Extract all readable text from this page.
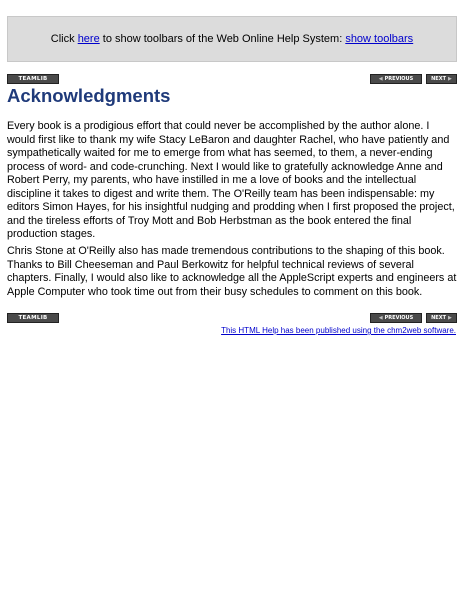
Click here to show toolbars of the Web Online Help System: show toolbars
TEAMLIB	◀ PREVIOUS	NEXT ▶
Acknowledgments

Every book is a prodigious effort that could never be accomplished by the author alone. I would first like to thank my wife Stacy LeBaron and daughter Rachel, who have patiently and sympathetically waited for me to emerge from what has seemed, to them, a never-ending process of word- and code-crunching. Next I would like to gratefully acknowledge Anne and Robert Perry, my parents, who have instilled in me a love of books and the intellectual discipline it takes to digest and write them. The O'Reilly team has been indispensable: my editors Simon Hayes, for his insightful nudging and prodding when I first proposed the project, and the tireless efforts of Troy Mott and Bob Herbstman as the book entered the final production stages.

Chris Stone at O'Reilly also has made tremendous contributions to the shaping of this book. Thanks to Bill Cheeseman and Paul Berkowitz for helpful technical reviews of several chapters. Finally, I would also like to acknowledge all the AppleScript experts and engineers at Apple Computer who took time out from their busy schedules to comment on this book.

TEAMLIB	◀ PREVIOUS	NEXT ▶
This HTML Help has been published using the chm2web software.
